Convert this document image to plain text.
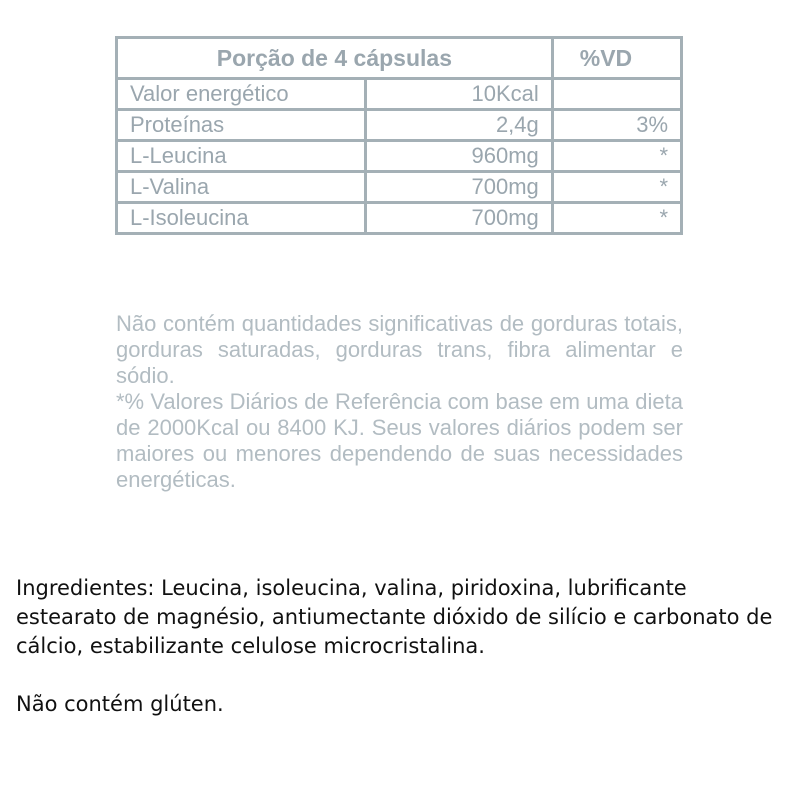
Porção de 4 cápsulas		%VD
Valor energético	10Kcal	
Proteínas	2,4g	3%
L-Leucina	960mg	*
L-Valina	700mg	*
L-Isoleucina	700mg	*

Não contém quantidades significativas de gorduras totais, gorduras saturadas, gorduras trans, fibra alimentar e sódio.

*% Valores Diários de Referência com base em uma dieta de 2000Kcal ou 8400 KJ. Seus valores diários podem ser maiores ou menores dependendo de suas necessidades energéticas.

Ingredientes: Leucina, isoleucina, valina, piridoxina, lubrificante estearato de magnésio, antiumectante dióxido de silício e carbonato de cálcio, estabilizante celulose microcristalina.

Não contém glúten.
